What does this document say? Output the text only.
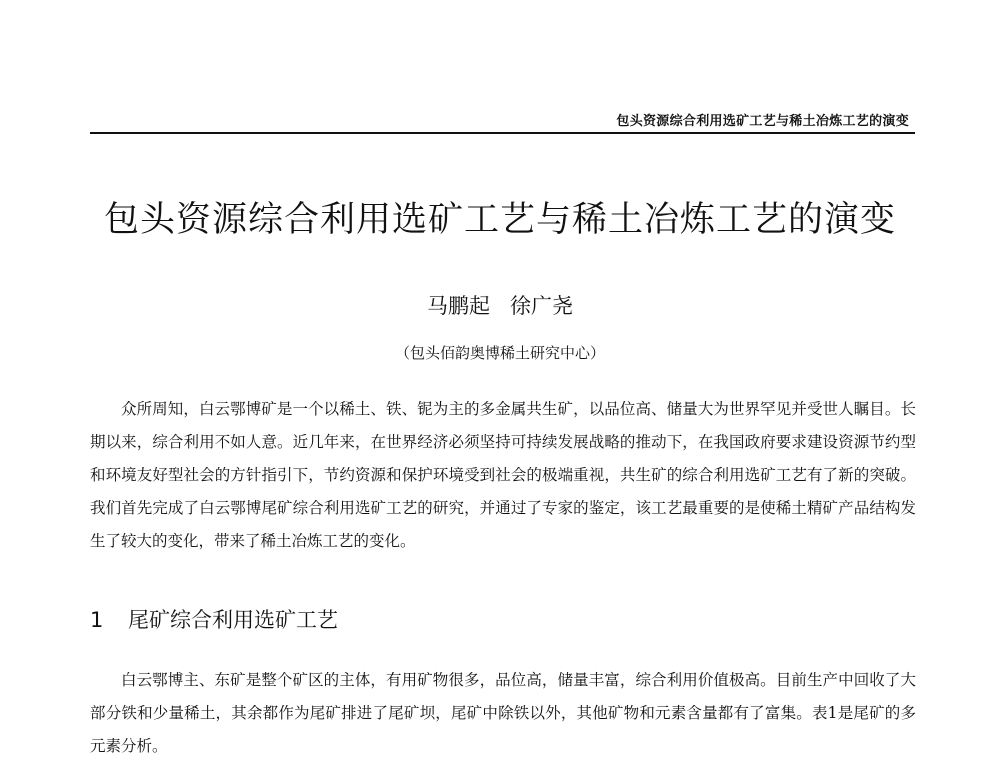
包头资源综合利用选矿工艺与稀土冶炼工艺的演变
包头资源综合利用选矿工艺与稀土冶炼工艺的演变
马鹏起   徐广尧
（包头佰韵奥博稀土研究中心）

众所周知，白云鄂博矿是一个以稀土、铁、铌为主的多金属共生矿，以品位高、储量大为世界罕见并受世人瞩目。长期以来，综合利用不如人意。近几年来，在世界经济必须坚持可持续发展战略的推动下，在我国政府要求建设资源节约型和环境友好型社会的方针指引下，节约资源和保护环境受到社会的极端重视，共生矿的综合利用选矿工艺有了新的突破。我们首先完成了白云鄂博尾矿综合利用选矿工艺的研究，并通过了专家的鉴定，该工艺最重要的是使稀土精矿产品结构发生了较大的变化，带来了稀土冶炼工艺的变化。

1 尾矿综合利用选矿工艺

白云鄂博主、东矿是整个矿区的主体，有用矿物很多，品位高，储量丰富，综合利用价值极高。目前生产中回收了大部分铁和少量稀土，其余都作为尾矿排进了尾矿坝，尾矿中除铁以外，其他矿物和元素含量都有了富集。表1是尾矿的多元素分析。
